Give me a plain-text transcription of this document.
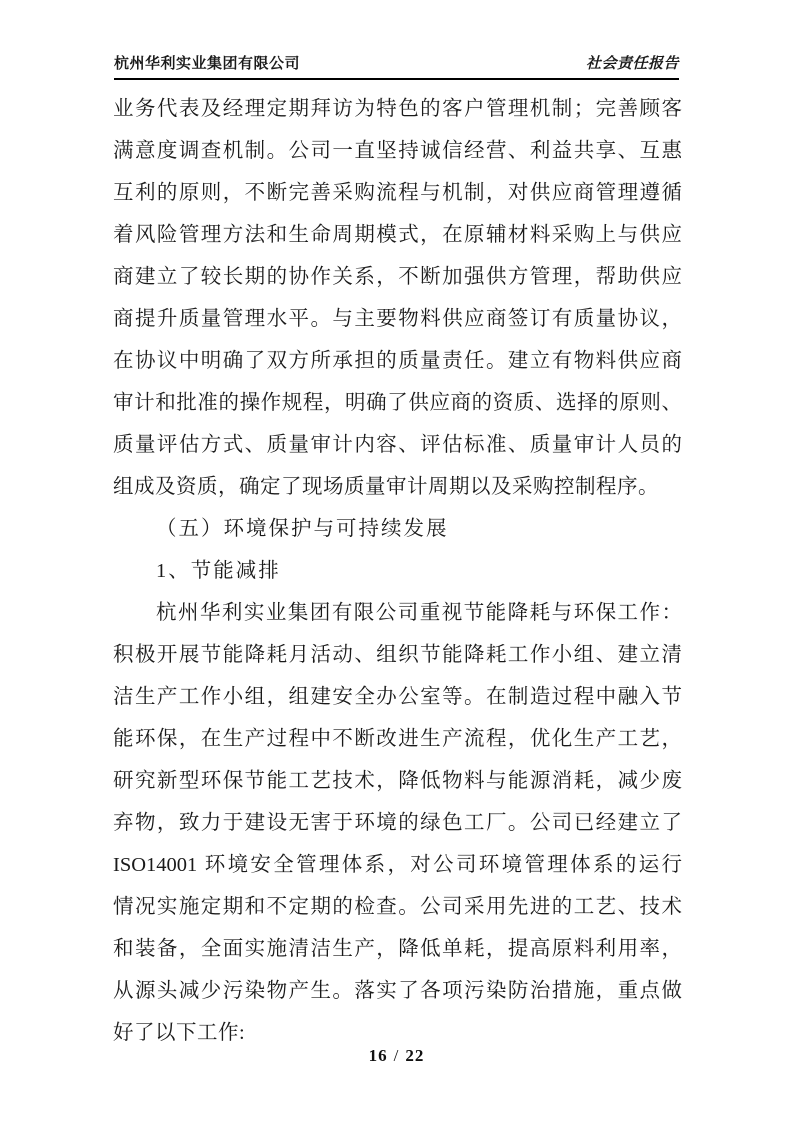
杭州华利实业集团有限公司	社会责任报告
业务代表及经理定期拜访为特色的客户管理机制；完善顾客
满意度调查机制。公司一直坚持诚信经营、利益共享、互惠
互利的原则，不断完善采购流程与机制，对供应商管理遵循
着风险管理方法和生命周期模式，在原辅材料采购上与供应
商建立了较长期的协作关系，不断加强供方管理，帮助供应
商提升质量管理水平。与主要物料供应商签订有质量协议，
在协议中明确了双方所承担的质量责任。建立有物料供应商
审计和批准的操作规程，明确了供应商的资质、选择的原则、
质量评估方式、质量审计内容、评估标准、质量审计人员的
组成及资质，确定了现场质量审计周期以及采购控制程序。
（五）环境保护与可持续发展
1、节能减排
杭州华利实业集团有限公司重视节能降耗与环保工作：
积极开展节能降耗月活动、组织节能降耗工作小组、建立清
洁生产工作小组，组建安全办公室等。在制造过程中融入节
能环保，在生产过程中不断改进生产流程，优化生产工艺，
研究新型环保节能工艺技术，降低物料与能源消耗，减少废
弃物，致力于建设无害于环境的绿色工厂。公司已经建立了
ISO14001 环境安全管理体系，对公司环境管理体系的运行
情况实施定期和不定期的检查。公司采用先进的工艺、技术
和装备，全面实施清洁生产，降低单耗，提高原料利用率，
从源头减少污染物产生。落实了各项污染防治措施，重点做
好了以下工作:
16 / 22
